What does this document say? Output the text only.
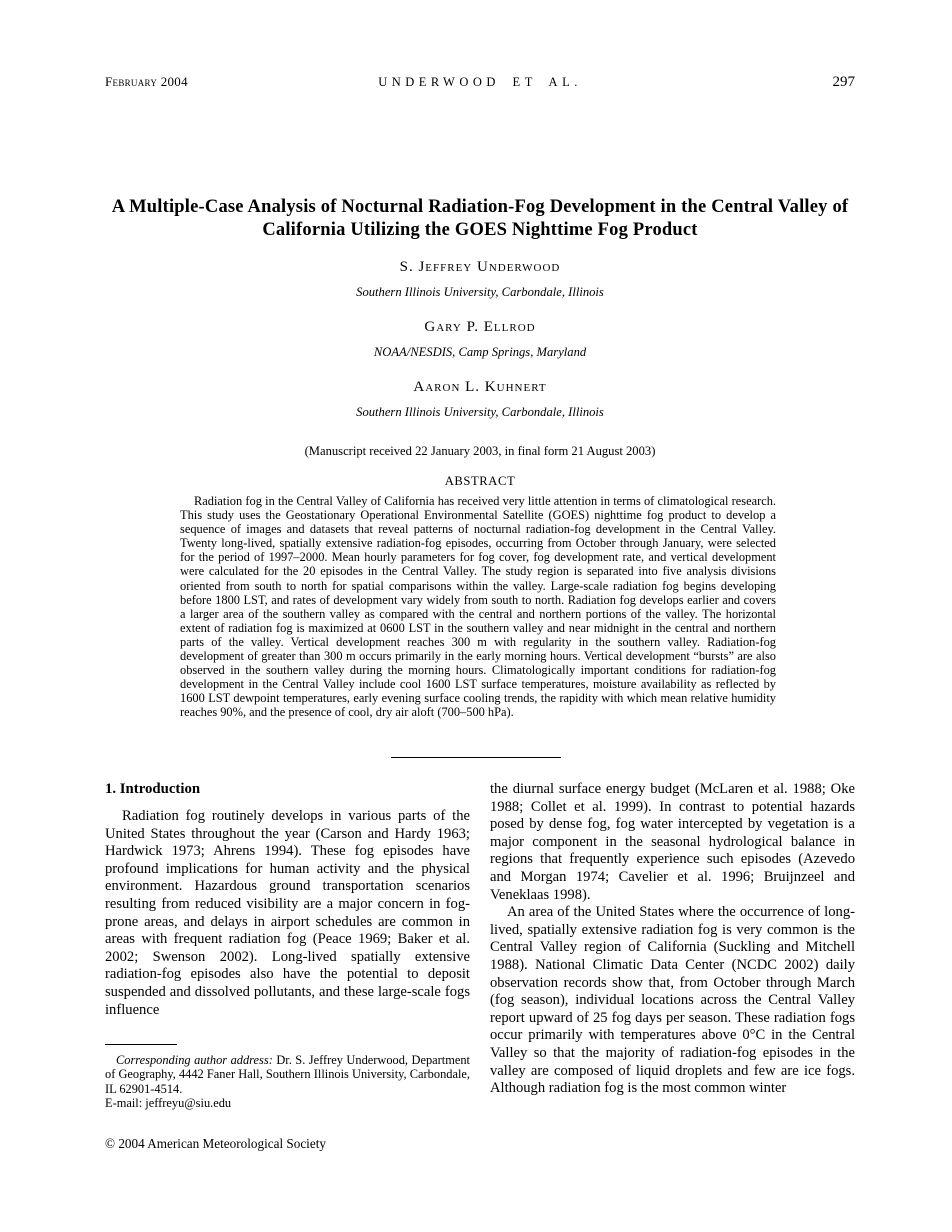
February 2004	UNDERWOOD ET AL.	297
A Multiple-Case Analysis of Nocturnal Radiation-Fog Development in the Central Valley of California Utilizing the GOES Nighttime Fog Product
S. Jeffrey Underwood
Southern Illinois University, Carbondale, Illinois
Gary P. Ellrod
NOAA/NESDIS, Camp Springs, Maryland
Aaron L. Kuhnert
Southern Illinois University, Carbondale, Illinois
(Manuscript received 22 January 2003, in final form 21 August 2003)
ABSTRACT

Radiation fog in the Central Valley of California has received very little attention in terms of climatological research. This study uses the Geostationary Operational Environmental Satellite (GOES) nighttime fog product to develop a sequence of images and datasets that reveal patterns of nocturnal radiation-fog development in the Central Valley. Twenty long-lived, spatially extensive radiation-fog episodes, occurring from October through January, were selected for the period of 1997–2000. Mean hourly parameters for fog cover, fog development rate, and vertical development were calculated for the 20 episodes in the Central Valley. The study region is separated into five analysis divisions oriented from south to north for spatial comparisons within the valley. Large-scale radiation fog begins developing before 1800 LST, and rates of development vary widely from south to north. Radiation fog develops earlier and covers a larger area of the southern valley as compared with the central and northern portions of the valley. The horizontal extent of radiation fog is maximized at 0600 LST in the southern valley and near midnight in the central and northern parts of the valley. Vertical development reaches 300 m with regularity in the southern valley. Radiation-fog development of greater than 300 m occurs primarily in the early morning hours. Vertical development “bursts” are also observed in the southern valley during the morning hours. Climatologically important conditions for radiation-fog development in the Central Valley include cool 1600 LST surface temperatures, moisture availability as reflected by 1600 LST dewpoint temperatures, early evening surface cooling trends, the rapidity with which mean relative humidity reaches 90%, and the presence of cool, dry air aloft (700–500 hPa).

1. Introduction

Radiation fog routinely develops in various parts of the United States throughout the year (Carson and Hardy 1963; Hardwick 1973; Ahrens 1994). These fog episodes have profound implications for human activity and the physical environment. Hazardous ground transportation scenarios resulting from reduced visibility are a major concern in fog-prone areas, and delays in airport schedules are common in areas with frequent radiation fog (Peace 1969; Baker et al. 2002; Swenson 2002). Long-lived spatially extensive radiation-fog episodes also have the potential to deposit suspended and dissolved pollutants, and these large-scale fogs influence

Corresponding author address: Dr. S. Jeffrey Underwood, Department of Geography, 4442 Faner Hall, Southern Illinois University, Carbondale, IL 62901-4514.

E-mail: jeffreyu@siu.edu

the diurnal surface energy budget (McLaren et al. 1988; Oke 1988; Collet et al. 1999). In contrast to potential hazards posed by dense fog, fog water intercepted by vegetation is a major component in the seasonal hydrological balance in regions that frequently experience such episodes (Azevedo and Morgan 1974; Cavelier et al. 1996; Bruijnzeel and Veneklaas 1998).

An area of the United States where the occurrence of long-lived, spatially extensive radiation fog is very common is the Central Valley region of California (Suckling and Mitchell 1988). National Climatic Data Center (NCDC 2002) daily observation records show that, from October through March (fog season), individual locations across the Central Valley report upward of 25 fog days per season. These radiation fogs occur primarily with temperatures above 0°C in the Central Valley so that the majority of radiation-fog episodes in the valley are composed of liquid droplets and few are ice fogs. Although radiation fog is the most common winter

© 2004 American Meteorological Society
